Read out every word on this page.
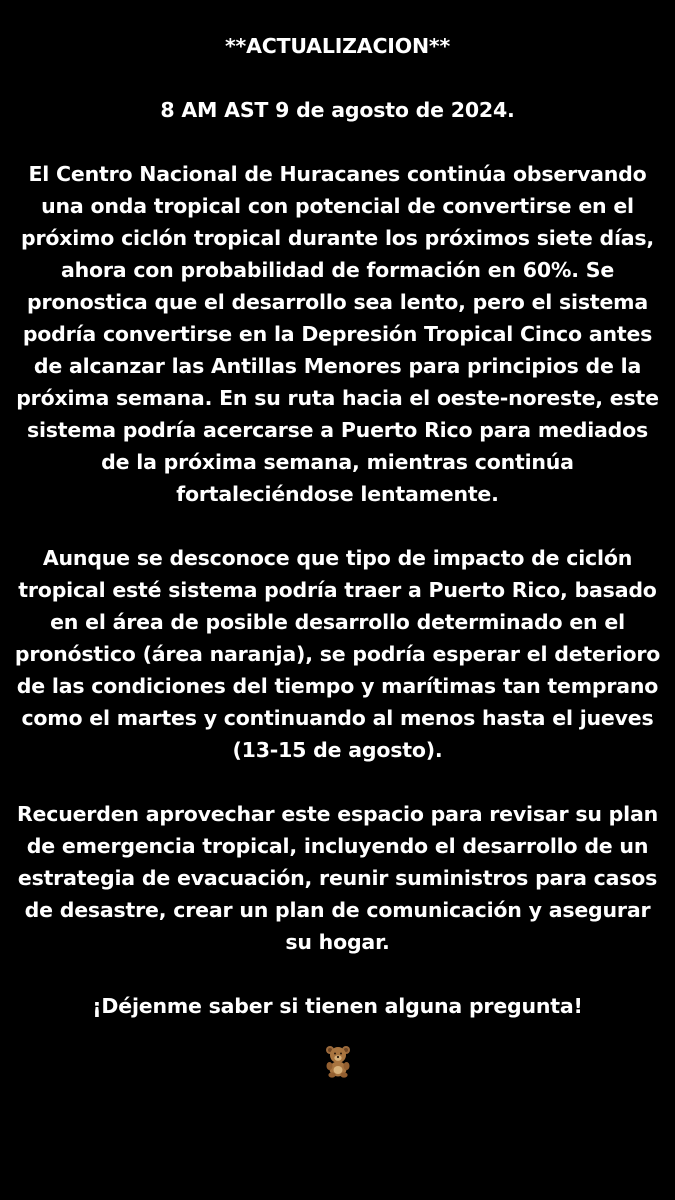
**ACTUALIZACION**

8 AM AST 9 de agosto de 2024.

El Centro Nacional de Huracanes continúa observando una onda tropical con potencial de convertirse en el próximo ciclón tropical durante los próximos siete días, ahora con probabilidad de formación en 60%. Se pronostica que el desarrollo sea lento, pero el sistema podría convertirse en la Depresión Tropical Cinco antes de alcanzar las Antillas Menores para principios de la próxima semana. En su ruta hacia el oeste-noreste, este sistema podría acercarse a Puerto Rico para mediados de la próxima semana, mientras continúa fortaleciéndose lentamente.

Aunque se desconoce que tipo de impacto de ciclón tropical esté sistema podría traer a Puerto Rico, basado en el área de posible desarrollo determinado en el pronóstico (área naranja), se podría esperar el deterioro de las condiciones del tiempo y marítimas tan temprano como el martes y continuando al menos hasta el jueves (13-15 de agosto).

Recuerden aprovechar este espacio para revisar su plan de emergencia tropical, incluyendo el desarrollo de un estrategia de evacuación, reunir suministros para casos de desastre, crear un plan de comunicación y asegurar su hogar.

¡Déjenme saber si tienen alguna pregunta!
